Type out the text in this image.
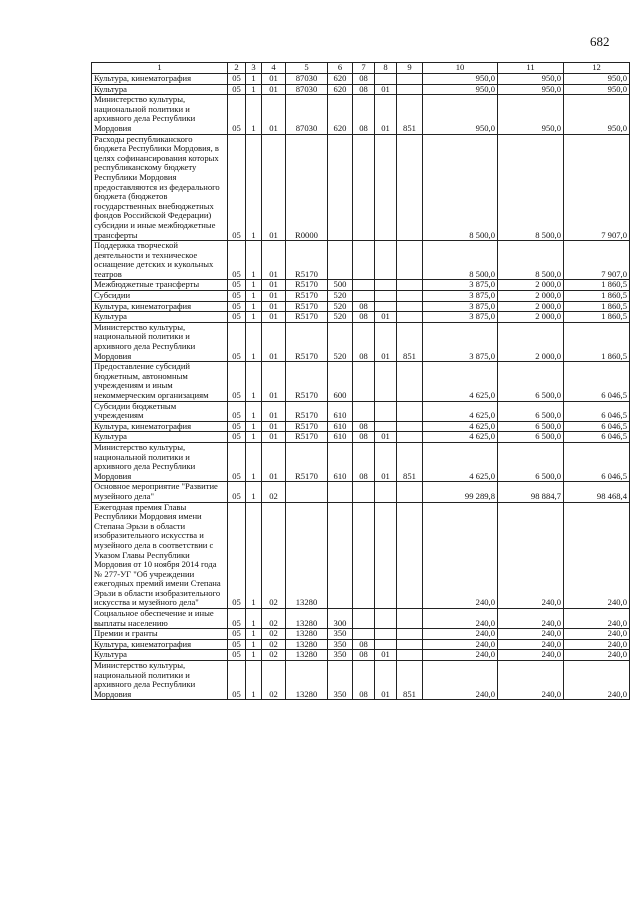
682
1	2	3	4	5	6	7	8	9	10	11	12
Культура, кинематография	05	1	01	87030	620	08			950,0	950,0	950,0
Культура	05	1	01	87030	620	08	01		950,0	950,0	950,0
Министерство культуры, национальной политики и архивного дела Республики Мордовия	05	1	01	87030	620	08	01	851	950,0	950,0	950,0
Расходы республиканского бюджета Республики Мордовия, в целях софинансирования которых республиканскому бюджету Республики Мордовия предоставляются из федерального бюджета (бюджетов государственных внебюджетных фондов Российской Федерации) субсидии и иные межбюджетные трансферты	05	1	01	R0000					8 500,0	8 500,0	7 907,0
Поддержка творческой деятельности и техническое оснащение детских и кукольных театров	05	1	01	R5170					8 500,0	8 500,0	7 907,0
Межбюджетные трансферты	05	1	01	R5170	500				3 875,0	2 000,0	1 860,5
Субсидии	05	1	01	R5170	520				3 875,0	2 000,0	1 860,5
Культура, кинематография	05	1	01	R5170	520	08			3 875,0	2 000,0	1 860,5
Культура	05	1	01	R5170	520	08	01		3 875,0	2 000,0	1 860,5
Министерство культуры, национальной политики и архивного дела Республики Мордовия	05	1	01	R5170	520	08	01	851	3 875,0	2 000,0	1 860,5
Предоставление субсидий бюджетным, автономным учреждениям и иным некоммерческим организациям	05	1	01	R5170	600				4 625,0	6 500,0	6 046,5
Субсидии бюджетным учреждениям	05	1	01	R5170	610				4 625,0	6 500,0	6 046,5
Культура, кинематография	05	1	01	R5170	610	08			4 625,0	6 500,0	6 046,5
Культура	05	1	01	R5170	610	08	01		4 625,0	6 500,0	6 046,5
Министерство культуры, национальной политики и архивного дела Республики Мордовия	05	1	01	R5170	610	08	01	851	4 625,0	6 500,0	6 046,5
Основное мероприятие "Развитие музейного дела"	05	1	02						99 289,8	98 884,7	98 468,4
Ежегодная премия Главы Республики Мордовия имени Степана Эрьзи в области изобразительного искусства и музейного дела в соответствии с Указом Главы Республики Мордовия от 10 ноября 2014 года № 277-УГ "Об учреждении ежегодных премий имени Степана Эрьзи в области изобразительного искусства и музейного дела"	05	1	02	13280					240,0	240,0	240,0
Социальное обеспечение и иные выплаты населению	05	1	02	13280	300				240,0	240,0	240,0
Премии и гранты	05	1	02	13280	350				240,0	240,0	240,0
Культура, кинематография	05	1	02	13280	350	08			240,0	240,0	240,0
Культура	05	1	02	13280	350	08	01		240,0	240,0	240,0
Министерство культуры, национальной политики и архивного дела Республики Мордовия	05	1	02	13280	350	08	01	851	240,0	240,0	240,0
